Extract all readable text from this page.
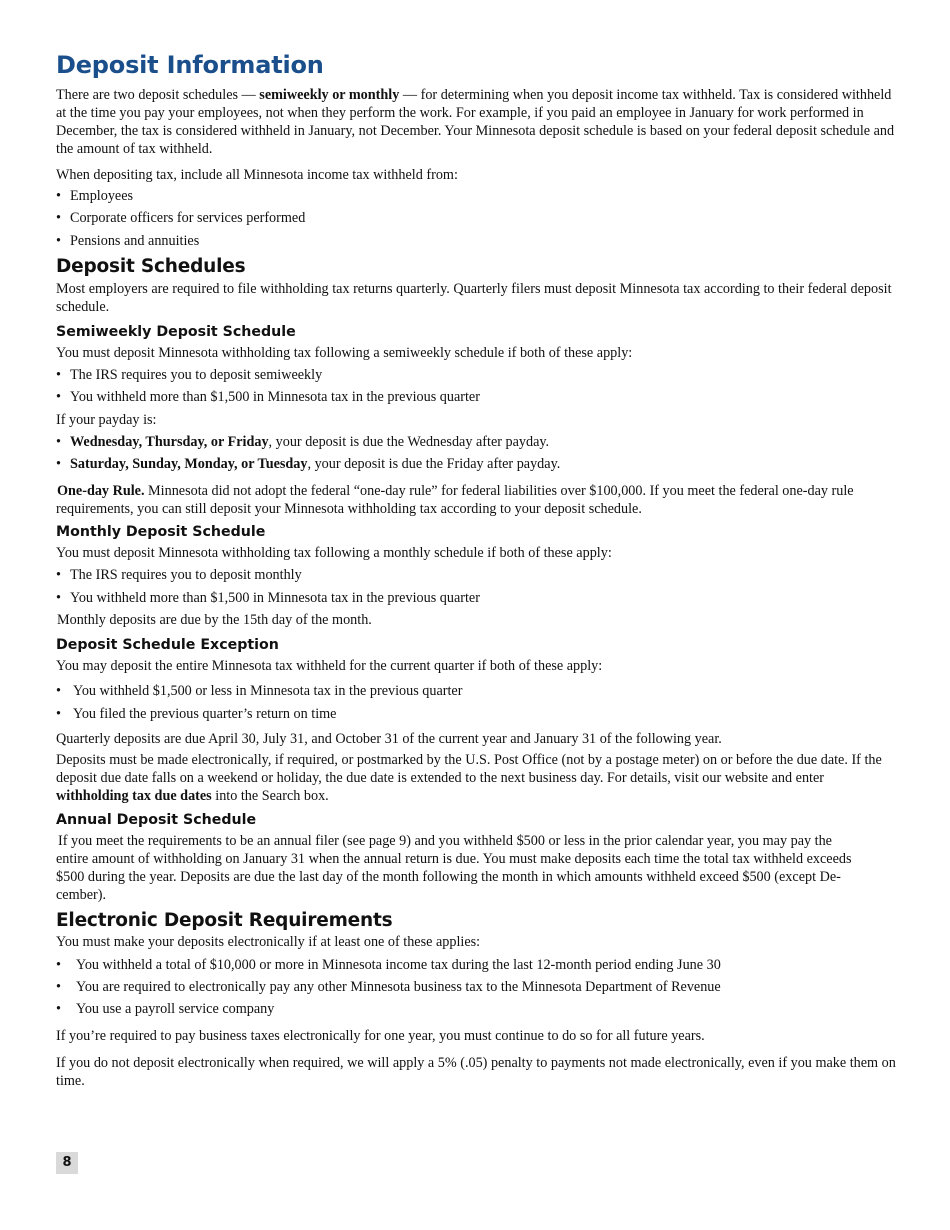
Deposit Information

There are two deposit schedules — semiweekly or monthly — for determining when you deposit income tax withheld. Tax is considered withheld at the time you pay your employees, not when they perform the work. For example, if you paid an employee in January for work performed in December, the tax is considered withheld in January, not December. Your Minnesota deposit schedule is based on your federal deposit schedule and the amount of tax withheld.

When depositing tax, include all Minnesota income tax withheld from:

• Employees

• Corporate officers for services performed

• Pensions and annuities

Deposit Schedules

Most employers are required to file withholding tax returns quarterly. Quarterly filers must deposit Minnesota tax according to their federal deposit schedule.

Semiweekly Deposit Schedule

You must deposit Minnesota withholding tax following a semiweekly schedule if both of these apply:

• The IRS requires you to deposit semiweekly

• You withheld more than $1,500 in Minnesota tax in the previous quarter

If your payday is:

• Wednesday, Thursday, or Friday, your deposit is due the Wednesday after payday.

• Saturday, Sunday, Monday, or Tuesday, your deposit is due the Friday after payday.

One-day Rule. Minnesota did not adopt the federal “one-day rule” for federal liabilities over $100,000. If you meet the federal one-day rule requirements, you can still deposit your Minnesota withholding tax according to your deposit schedule.

Monthly Deposit Schedule

You must deposit Minnesota withholding tax following a monthly schedule if both of these apply:

• The IRS requires you to deposit monthly

• You withheld more than $1,500 in Minnesota tax in the previous quarter

Monthly deposits are due by the 15th day of the month.

Deposit Schedule Exception

You may deposit the entire Minnesota tax withheld for the current quarter if both of these apply:

• You withheld $1,500 or less in Minnesota tax in the previous quarter

• You filed the previous quarter’s return on time

Quarterly deposits are due April 30, July 31, and October 31 of the current year and January 31 of the following year.

Deposits must be made electronically, if required, or postmarked by the U.S. Post Office (not by a postage meter) on or before the due date. If the deposit due date falls on a weekend or holiday, the due date is extended to the next business day. For details, visit our website and enter withholding tax due dates into the Search box.

Annual Deposit Schedule
If you meet the requirements to be an annual filer (see page 9) and you withheld $500 or less in the prior calendar year, you may pay the
entire amount of withholding on January 31 when the annual return is due. You must make deposits each time the total tax withheld exceeds
$500 during the year. Deposits are due the last day of the month following the month in which amounts withheld exceed $500 (except De-
cember).
Electronic Deposit Requirements

You must make your deposits electronically if at least one of these applies:

• You withheld a total of $10,000 or more in Minnesota income tax during the last 12-month period ending June 30

• You are required to electronically pay any other Minnesota business tax to the Minnesota Department of Revenue

• You use a payroll service company

If you’re required to pay business taxes electronically for one year, you must continue to do so for all future years.

If you do not deposit electronically when required, we will apply a 5% (.05) penalty to payments not made electronically, even if you make them on time.

8
